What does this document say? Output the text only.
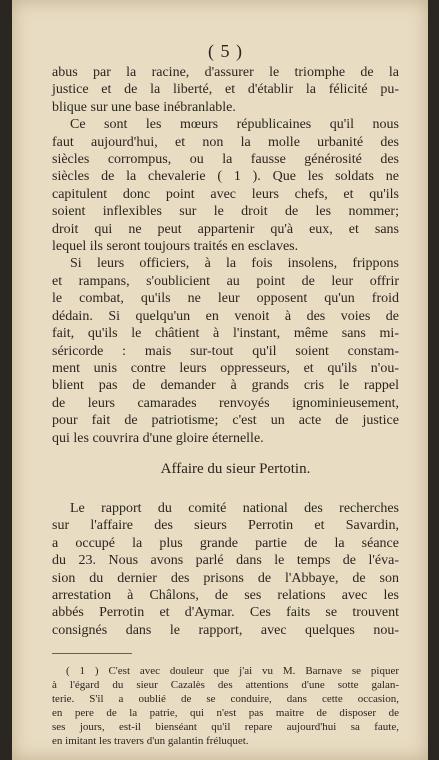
( 5 )
abus par la racine, d'assurer le triomphe de la
justice et de la liberté, et d'établir la félicité pu-
blique sur une base inébranlable.
Ce sont les mœurs républicaines qu'il nous
faut aujourd'hui, et non la molle urbanité des
siècles corrompus, ou la fausse générosité des
siècles de la chevalerie ( 1 ). Que les soldats ne
capitulent donc point avec leurs chefs, et qu'ils
soient inflexibles sur le droit de les nommer;
droit qui ne peut appartenir qu'à eux, et sans
lequel ils seront toujours traités en esclaves.
Si leurs officiers, à la fois insolens, frippons
et rampans, s'oublicient au point de leur offrir
le combat, qu'ils ne leur opposent qu'un froid
dédain. Si quelqu'un en venoit à des voies de
fait, qu'ils le châtient à l'instant, même sans mi-
séricorde : mais sur-tout qu'il soient constam-
ment unis contre leurs oppresseurs, et qu'ils n'ou-
blient pas de demander à grands cris le rappel
de leurs camarades renvoyés ignominieusement,
pour fait de patriotisme; c'est un acte de justice
qui les couvrira d'une gloire éternelle.
Affaire du sieur Pertotin.
Le rapport du comité national des recherches
sur l'affaire des sieurs Perrotin et Savardin,
a occupé la plus grande partie de la séance
du 23. Nous avons parlé dans le temps de l'éva-
sion du dernier des prisons de l'Abbaye, de son
arrestation à Châlons, de ses relations avec les
abbés Perrotin et d'Aymar. Ces faits se trouvent
consignés dans le rapport, avec quelques nou-
( 1 ) C'est avec douleur que j'ai vu M. Barnave se piquer
à l'égard du sieur Cazalès des attentions d'une sotte galan-
terie. S'il a oublié de se conduire, dans cette occasion,
en pere de la patrie, qui n'est pas maitre de disposer de
ses jours, est-il bienséant qu'il repare aujourd'hui sa faute,
en imitant les travers d'un galantin fréluquet.
